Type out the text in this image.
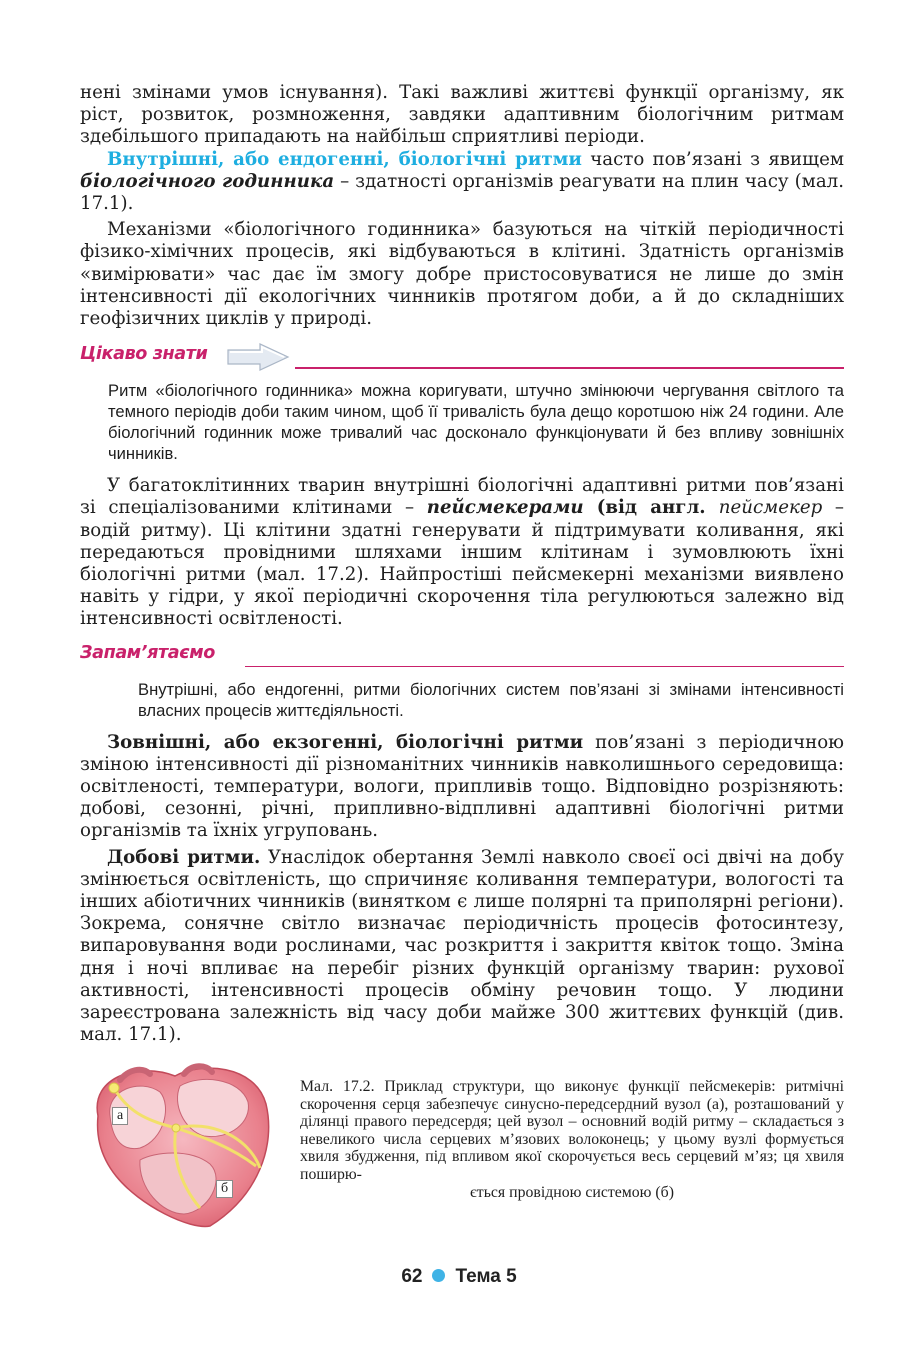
нені змінами умов існування). Такі важливі життєві функції організму, як ріст, розвиток, розмноження, завдяки адаптивним біологічним ритмам здебільшого припадають на найбільш сприятливі періоди.

Внутрішні, або ендогенні, біологічні ритми часто пов’язані з явищем біологічного годинника – здатності організмів реагувати на плин часу (мал. 17.1).

Механізми «біологічного годинника» базуються на чіткій періодичності фізико-хімічних процесів, які відбуваються в клітині. Здатність організмів «вимірювати» час дає їм змогу добре пристосовуватися не лише до змін інтенсивності дії екологічних чинників протягом доби, а й до складніших геофізичних циклів у природі.

Цікаво знати

Ритм «біологічного годинника» можна коригувати, штучно змінюючи чергування світлого та темного періодів доби таким чином, щоб її тривалість була дещо коротшою ніж 24 години. Але біологічний годинник може тривалий час досконало функціонувати й без впливу зовнішніх чинників.

У багатоклітинних тварин внутрішні біологічні адаптивні ритми пов’язані зі спеціалізованими клітинами – пейсмекерами (від англ. пейсмекер – водій ритму). Ці клітини здатні генерувати й підтримувати коливання, які передаються провідними шляхами іншим клітинам і зумовлюють їхні біологічні ритми (мал. 17.2). Найпростіші пейсмекерні механізми виявлено навіть у гідри, у якої періодичні скорочення тіла регулюються залежно від інтенсивності освітленості.

Запам’ятаємо

Внутрішні, або ендогенні, ритми біологічних систем пов’язані зі змінами інтенсивності власних процесів життєдіяльності.

Зовнішні, або екзогенні, біологічні ритми пов’язані з періодичною зміною інтенсивності дії різноманітних чинників навколишнього середовища: освітленості, температури, вологи, припливів тощо. Відповідно розрізняють: добові, сезонні, річні, припливно-відпливні адаптивні біологічні ритми організмів та їхніх угруповань.

Добові ритми. Унаслідок обертання Землі навколо своєї осі двічі на добу змінюється освітленість, що спричиняє коливання температури, вологості та інших абіотичних чинників (винятком є лише полярні та приполярні регіони). Зокрема, сонячне світло визначає періодичність процесів фотосинтезу, випаровування води рослинами, час розкриття і закриття квіток тощо. Зміна дня і ночі впливає на перебіг різних функцій організму тварин: рухової активності, інтенсивності процесів обміну речовин тощо. У людини зареєстрована залежність від часу доби майже 300 життєвих функцій (див. мал. 17.1).

а
б

Мал. 17.2. Приклад структури, що виконує функції пейсмекерів: ритмічні скорочення серця забезпечує синусно-передсердний вузол (а), розташований у ділянці правого передсердя; цей вузол – основний водій ритму – складається з невеликого числа серцевих м’язових волоконець; у цьому вузлі формується хвиля збудження, під впливом якої скорочується весь серцевий м’яз; ця хвиля поширю-

ється провідною системою (б)

62 Тема 5
